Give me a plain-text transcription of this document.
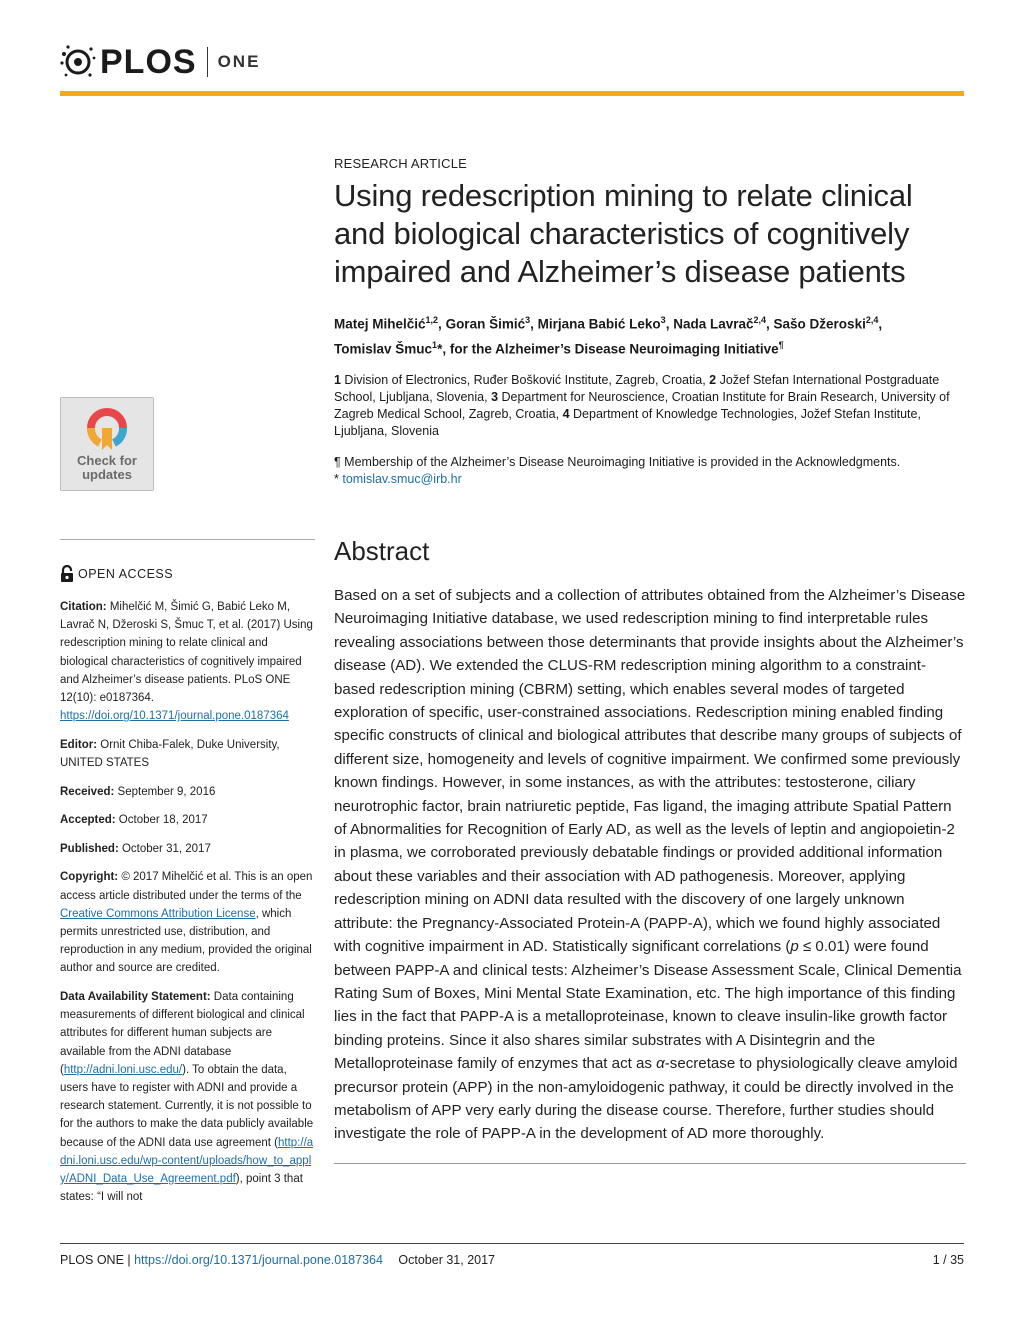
PLOS ONE
Check for updates
OPEN ACCESS

Citation: Mihelčić M, Šimić G, Babić Leko M, Lavrač N, Džeroski S, Šmuc T, et al. (2017) Using redescription mining to relate clinical and biological characteristics of cognitively impaired and Alzheimer’s disease patients. PLoS ONE 12(10): e0187364. https://doi.org/10.1371/journal.pone.0187364

Editor: Ornit Chiba-Falek, Duke University, UNITED STATES

Received: September 9, 2016

Accepted: October 18, 2017

Published: October 31, 2017

Copyright: © 2017 Mihelčić et al. This is an open access article distributed under the terms of the Creative Commons Attribution License, which permits unrestricted use, distribution, and reproduction in any medium, provided the original author and source are credited.

Data Availability Statement: Data containing measurements of different biological and clinical attributes for different human subjects are available from the ADNI database (http://adni.loni.usc.edu/). To obtain the data, users have to register with ADNI and provide a research statement. Currently, it is not possible to for the authors to make the data publicly available because of the ADNI data use agreement (http://adni.loni.usc.edu/wp-content/uploads/how_to_apply/ADNI_Data_Use_Agreement.pdf), point 3 that states: “I will not

RESEARCH ARTICLE
Using redescription mining to relate clinical and biological characteristics of cognitively impaired and Alzheimer’s disease patients
Matej Mihelčić$^{1,2}$, Goran Šimić$^3$, Mirjana Babić Leko$^3$, Nada Lavrač$^{2,4}$, Sašo Džeroski$^{2,4}$,
Tomislav Šmuc$^1$*, for the Alzheimer’s Disease Neuroimaging Initiative¶
1 Division of Electronics, Ruđer Bošković Institute, Zagreb, Croatia, 2 Jožef Stefan International Postgraduate School, Ljubljana, Slovenia, 3 Department for Neuroscience, Croatian Institute for Brain Research, University of Zagreb Medical School, Zagreb, Croatia, 4 Department of Knowledge Technologies, Jožef Stefan Institute, Ljubljana, Slovenia
¶ Membership of the Alzheimer’s Disease Neuroimaging Initiative is provided in the Acknowledgments.
* tomislav.smuc@irb.hr
Abstract

Based on a set of subjects and a collection of attributes obtained from the Alzheimer’s Disease Neuroimaging Initiative database, we used redescription mining to find interpretable rules revealing associations between those determinants that provide insights about the Alzheimer’s disease (AD). We extended the CLUS-RM redescription mining algorithm to a constraint-based redescription mining (CBRM) setting, which enables several modes of targeted exploration of specific, user-constrained associations. Redescription mining enabled finding specific constructs of clinical and biological attributes that describe many groups of subjects of different size, homogeneity and levels of cognitive impairment. We confirmed some previously known findings. However, in some instances, as with the attributes: testosterone, ciliary neurotrophic factor, brain natriuretic peptide, Fas ligand, the imaging attribute Spatial Pattern of Abnormalities for Recognition of Early AD, as well as the levels of leptin and angiopoietin-2 in plasma, we corroborated previously debatable findings or provided additional information about these variables and their association with AD pathogenesis. Moreover, applying redescription mining on ADNI data resulted with the discovery of one largely unknown attribute: the Pregnancy-Associated Protein-A (PAPP-A), which we found highly associated with cognitive impairment in AD. Statistically significant correlations (p ≤ 0.01) were found between PAPP-A and clinical tests: Alzheimer’s Disease Assessment Scale, Clinical Dementia Rating Sum of Boxes, Mini Mental State Examination, etc. The high importance of this finding lies in the fact that PAPP-A is a metalloproteinase, known to cleave insulin-like growth factor binding proteins. Since it also shares similar substrates with A Disintegrin and the Metalloproteinase family of enzymes that act as α-secretase to physiologically cleave amyloid precursor protein (APP) in the non-amyloidogenic pathway, it could be directly involved in the metabolism of APP very early during the disease course. Therefore, further studies should investigate the role of PAPP-A in the development of AD more thoroughly.

PLOS ONE | https://doi.org/10.1371/journal.pone.0187364 October 31, 2017	1 / 35
